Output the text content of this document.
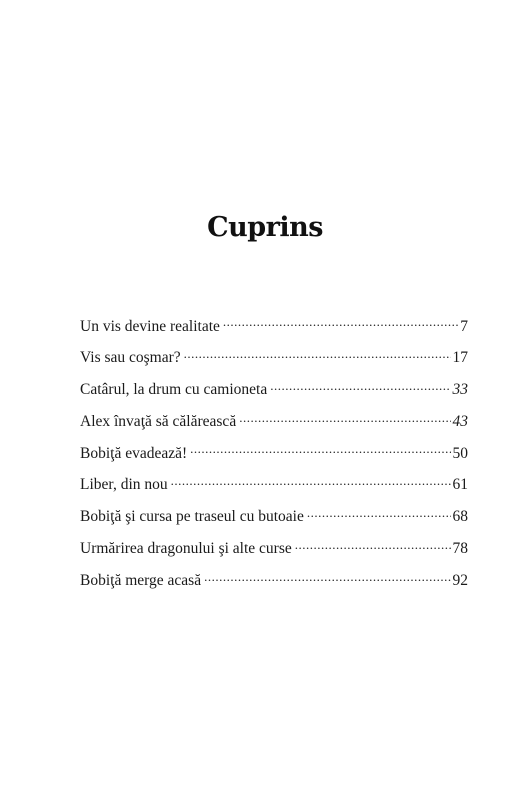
Cuprins
Un vis devine realitate .....	7
Vis sau coşmar? .....	17
Catârul, la drum cu camioneta .....	33
Alex învaţă să călărească .....	43
Bobiţă evadează! .....	50
Liber, din nou .....	61
Bobiţă şi cursa pe traseul cu butoaie .....	68
Urmărirea dragonului şi alte curse .....	78
Bobiţă merge acasă .....	92
